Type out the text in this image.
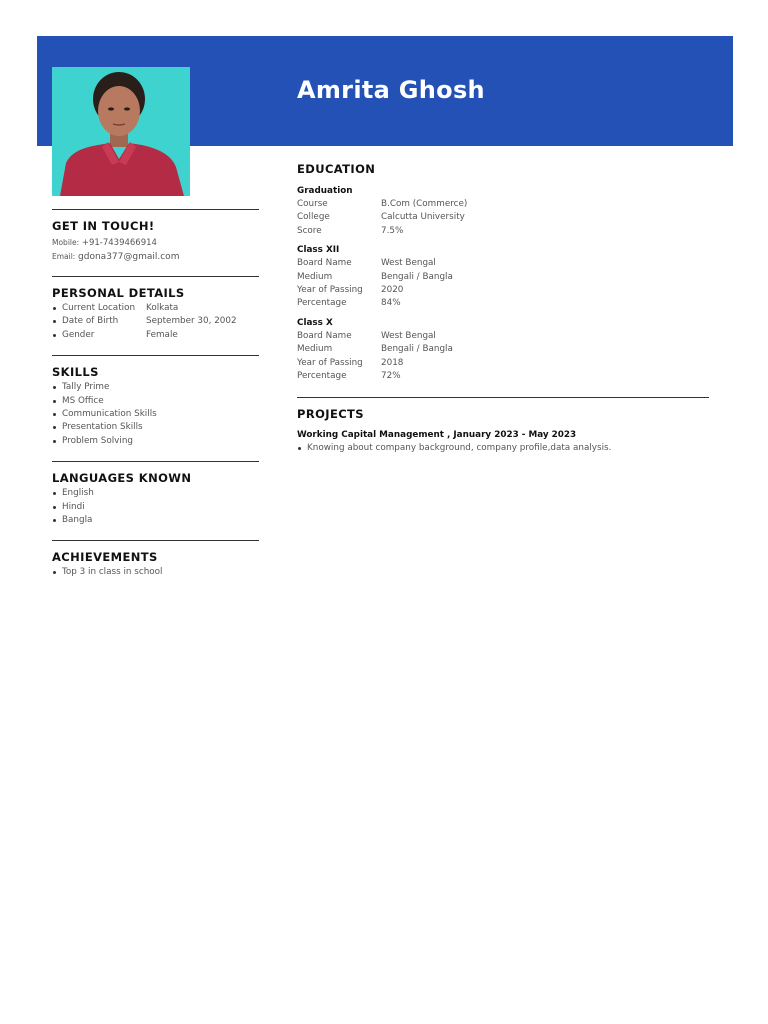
Amrita Ghosh
GET IN TOUCH!
Mobile: +91-7439466914
Email: gdona377@gmail.com
PERSONAL DETAILS
Current Location	Kolkata
Date of Birth	September 30, 2002
Gender	Female
SKILLS
Tally Prime
MS Office
Communication Skills
Presentation Skills
Problem Solving
LANGUAGES KNOWN
English
Hindi
Bangla
ACHIEVEMENTS
Top 3 in class in school
EDUCATION
Graduation
Course	B.Com (Commerce)
College	Calcutta University
Score	7.5%
Class XII
Board Name	West Bengal
Medium	Bengali / Bangla
Year of Passing	2020
Percentage	84%
Class X
Board Name	West Bengal
Medium	Bengali / Bangla
Year of Passing	2018
Percentage	72%
PROJECTS
Working Capital Management , January 2023 - May 2023
Knowing about company background, company profile,data analysis.
